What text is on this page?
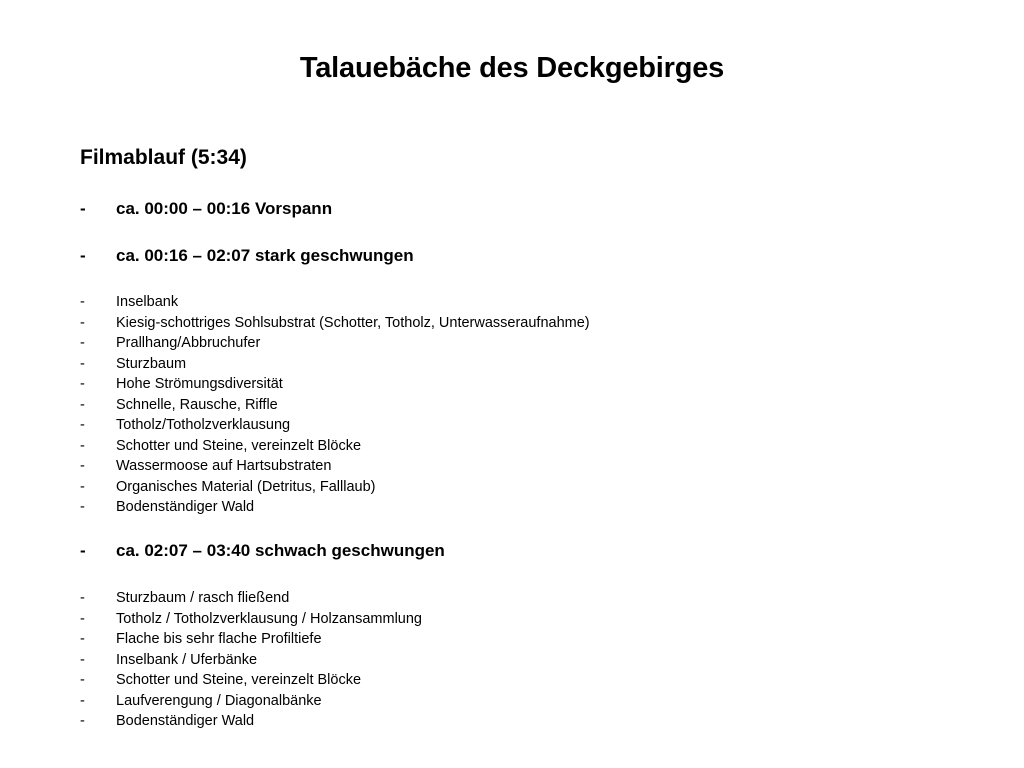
Talauebäche des Deckgebirges
Filmablauf (5:34)
-	ca. 00:00 – 00:16 Vorspann
-	ca. 00:16 – 02:07 stark geschwungen
-	Inselbank
-	Kiesig-schottriges Sohlsubstrat (Schotter, Totholz, Unterwasseraufnahme)
-	Prallhang/Abbruchufer
-	Sturzbaum
-	Hohe Strömungsdiversität
-	Schnelle, Rausche, Riffle
-	Totholz/Totholzverklausung
-	Schotter und Steine, vereinzelt Blöcke
-	Wassermoose auf Hartsubstraten
-	Organisches Material (Detritus, Falllaub)
-	Bodenständiger Wald
-	ca. 02:07 – 03:40 schwach geschwungen
-	Sturzbaum / rasch fließend
-	Totholz / Totholzverklausung / Holzansammlung
-	Flache bis sehr flache Profiltiefe
-	Inselbank / Uferbänke
-	Schotter und Steine, vereinzelt Blöcke
-	Laufverengung / Diagonalbänke
-	Bodenständiger Wald
